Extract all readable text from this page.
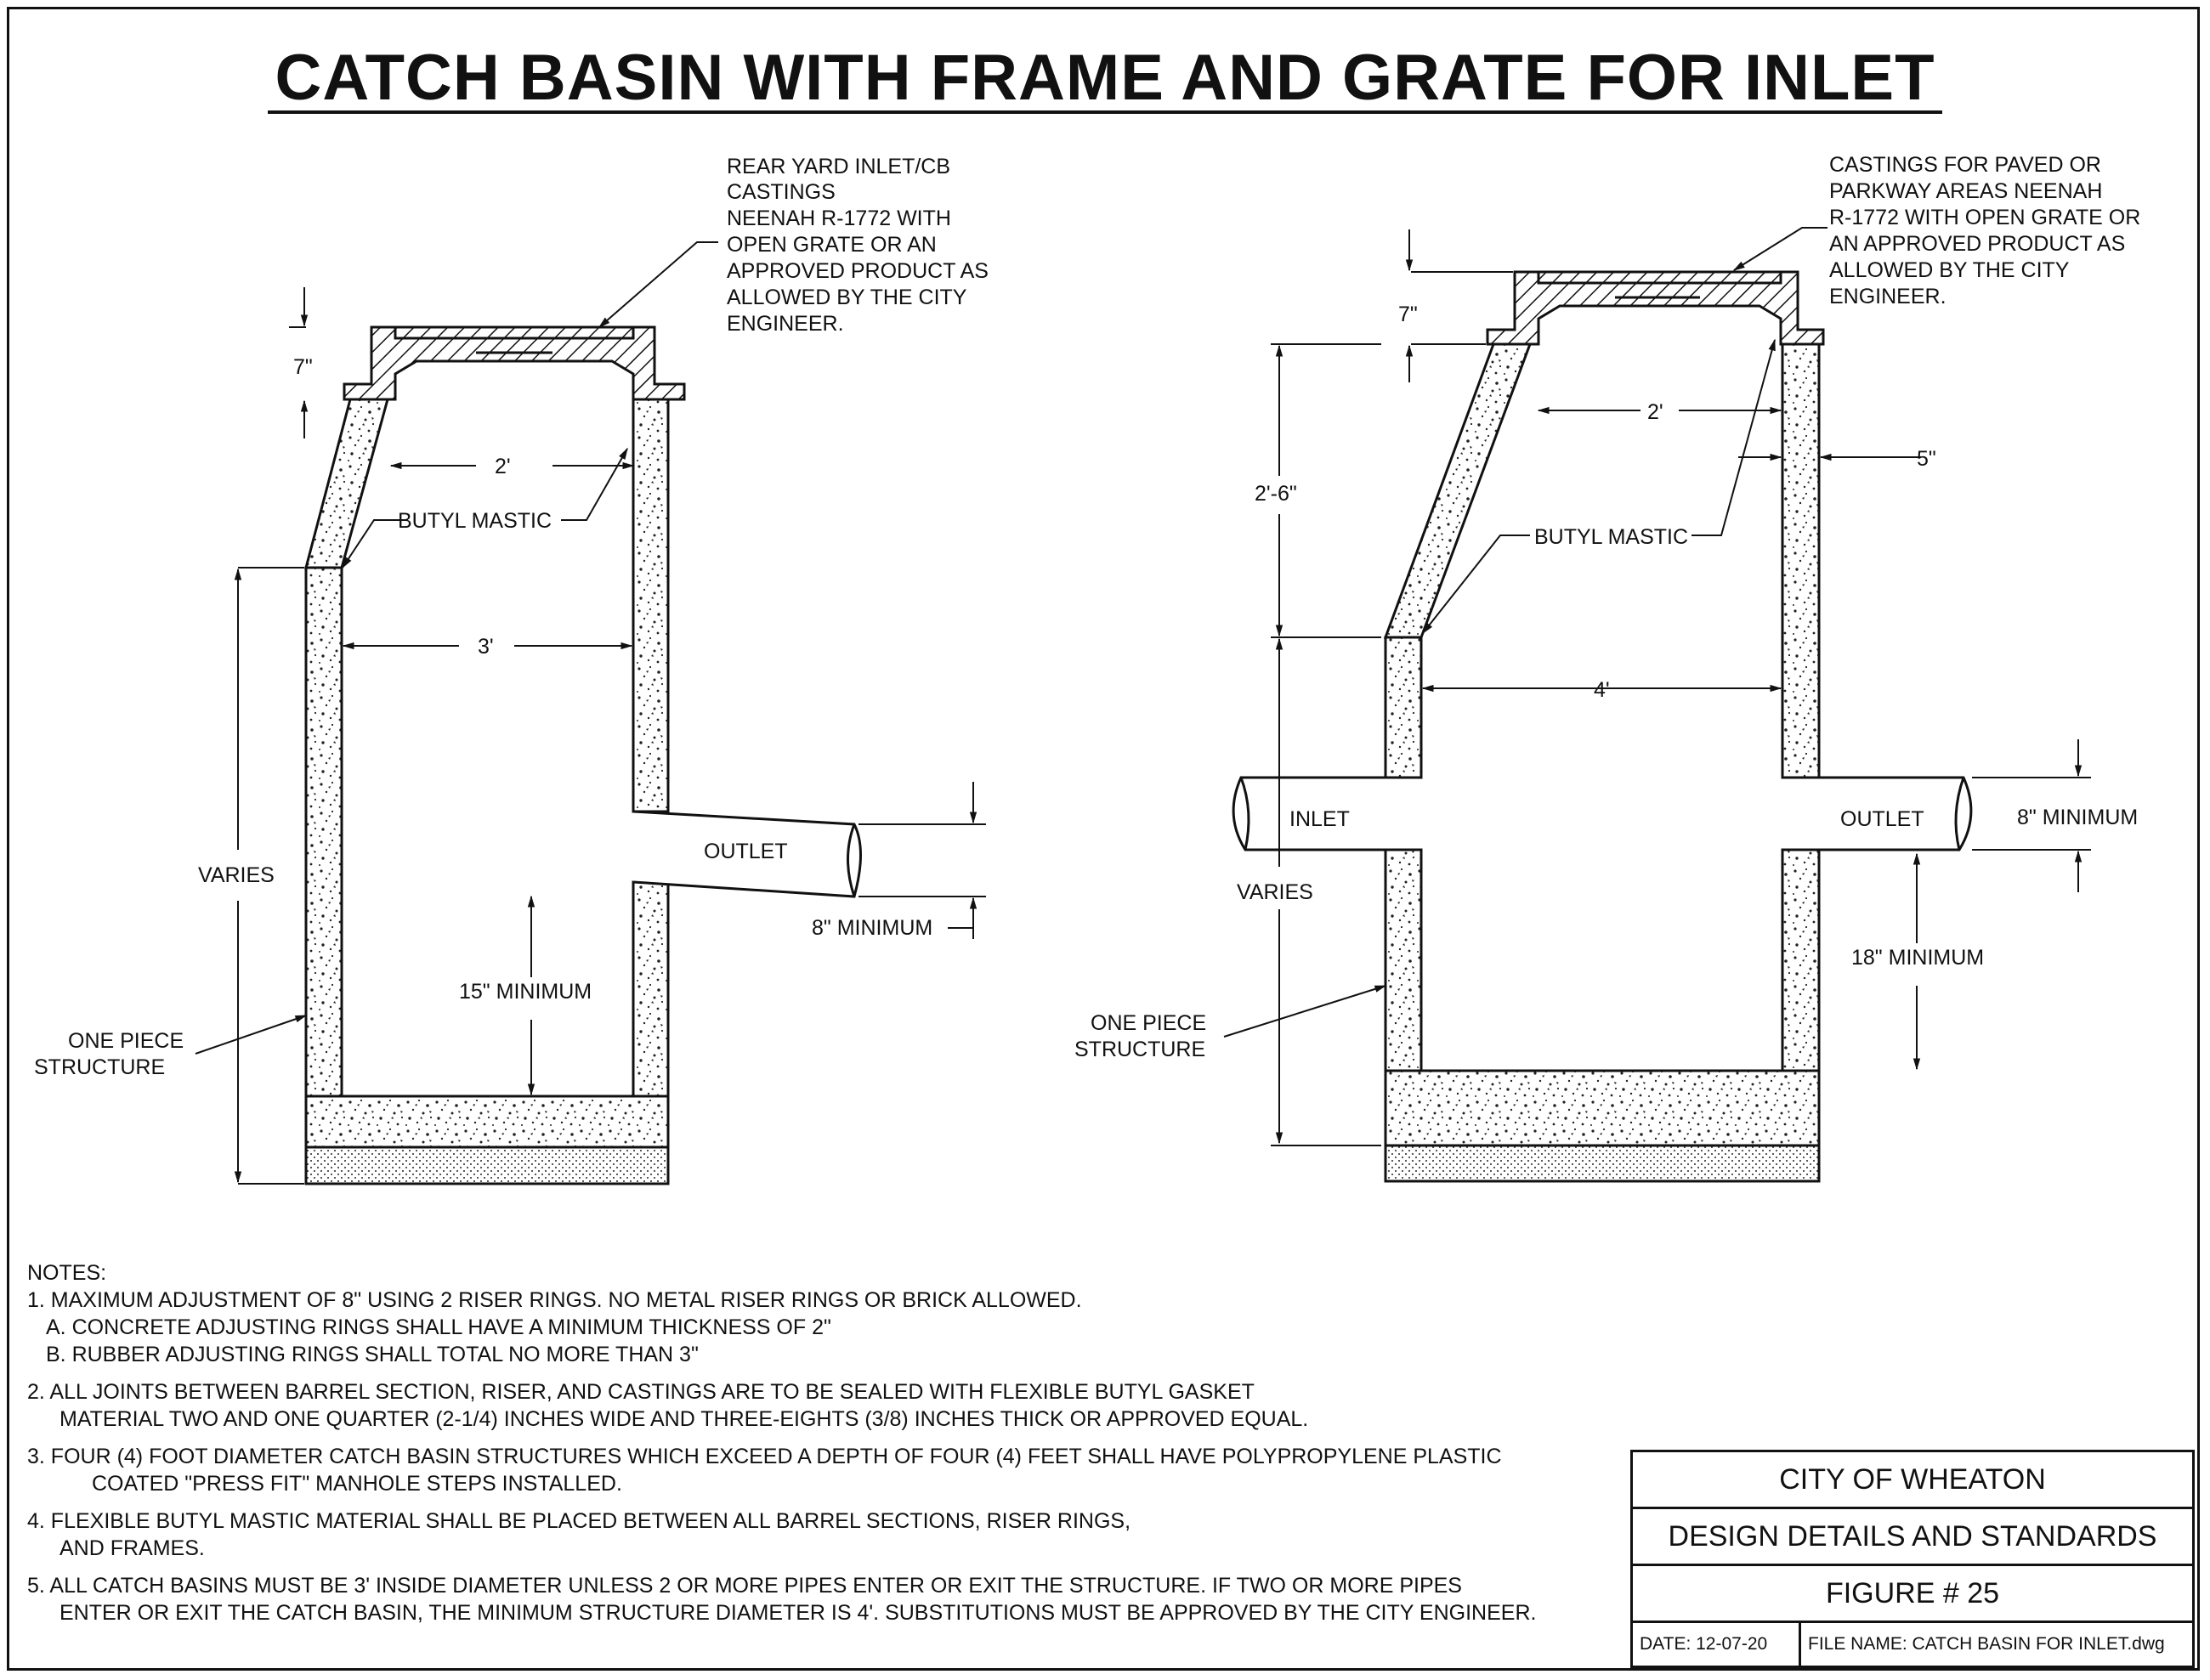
CATCH BASIN WITH FRAME AND GRATE FOR INLET
REAR YARD INLET/CB
CASTINGS
NEENAH R-1772 WITH
OPEN GRATE OR AN
APPROVED PRODUCT AS
ALLOWED BY THE CITY
ENGINEER.
7"
2'
BUTYL MASTIC
3'
VARIES
OUTLET
8" MINIMUM
15" MINIMUM
ONE PIECE
STRUCTURE
CASTINGS FOR PAVED OR
PARKWAY AREAS NEENAH
R-1772 WITH OPEN GRATE OR
AN APPROVED PRODUCT AS
ALLOWED BY THE CITY
ENGINEER.
7"
2'-6"
2'
5"
BUTYL MASTIC
4'
INLET	OUTLET	8" MINIMUM
VARIES
18" MINIMUM
ONE PIECE
STRUCTURE

NOTES:

1. MAXIMUM ADJUSTMENT OF 8" USING 2 RISER RINGS. NO METAL RISER RINGS OR BRICK ALLOWED.

A. CONCRETE ADJUSTING RINGS SHALL HAVE A MINIMUM THICKNESS OF 2"

B. RUBBER ADJUSTING RINGS SHALL TOTAL NO MORE THAN 3"

2. ALL JOINTS BETWEEN BARREL SECTION, RISER, AND CASTINGS ARE TO BE SEALED WITH FLEXIBLE BUTYL GASKET

MATERIAL TWO AND ONE QUARTER (2-1/4) INCHES WIDE AND THREE-EIGHTS (3/8) INCHES THICK OR APPROVED EQUAL.

3. FOUR (4) FOOT DIAMETER CATCH BASIN STRUCTURES WHICH EXCEED A DEPTH OF FOUR (4) FEET SHALL HAVE POLYPROPYLENE PLASTIC

COATED "PRESS FIT" MANHOLE STEPS INSTALLED.

4. FLEXIBLE BUTYL MASTIC MATERIAL SHALL BE PLACED BETWEEN ALL BARREL SECTIONS, RISER RINGS,

AND FRAMES.

5. ALL CATCH BASINS MUST BE 3' INSIDE DIAMETER UNLESS 2 OR MORE PIPES ENTER OR EXIT THE STRUCTURE. IF TWO OR MORE PIPES

ENTER OR EXIT THE CATCH BASIN, THE MINIMUM STRUCTURE DIAMETER IS 4'. SUBSTITUTIONS MUST BE APPROVED BY THE CITY ENGINEER.

CITY OF WHEATON
DESIGN DETAILS AND STANDARDS
FIGURE # 25
DATE: 12-07-20	FILE NAME: CATCH BASIN FOR INLET.dwg
